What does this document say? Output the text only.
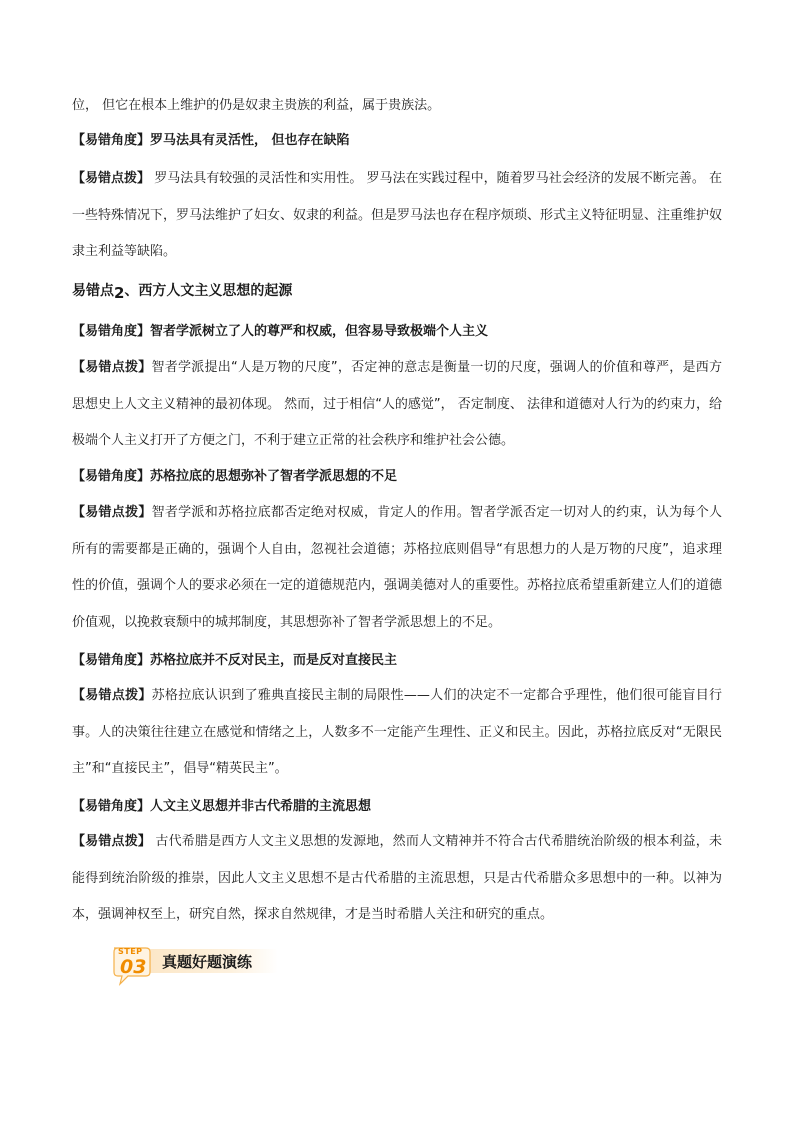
位， 但它在根本上维护的仍是奴隶主贵族的利益，属于贵族法。

【易错角度】罗马法具有灵活性， 但也存在缺陷

【易错点拨】 罗马法具有较强的灵活性和实用性。 罗马法在实践过程中，随着罗马社会经济的发展不断完善。 在一些特殊情况下，罗马法维护了妇女、奴隶的利益。但是罗马法也存在程序烦琐、形式主义特征明显、注重维护奴隶主利益等缺陷。

易错点2、西方人文主义思想的起源

【易错角度】智者学派树立了人的尊严和权威，但容易导致极端个人主义

【易错点拨】智者学派提出“人是万物的尺度”，否定神的意志是衡量一切的尺度，强调人的价值和尊严，是西方思想史上人文主义精神的最初体现。 然而，过于相信“人的感觉”， 否定制度、 法律和道德对人行为的约束力，给极端个人主义打开了方便之门，不利于建立正常的社会秩序和维护社会公德。

【易错角度】苏格拉底的思想弥补了智者学派思想的不足

【易错点拨】智者学派和苏格拉底都否定绝对权威，肯定人的作用。智者学派否定一切对人的约束，认为每个人所有的需要都是正确的，强调个人自由，忽视社会道德；苏格拉底则倡导“有思想力的人是万物的尺度”，追求理性的价值，强调个人的要求必须在一定的道德规范内，强调美德对人的重要性。苏格拉底希望重新建立人们的道德价值观，以挽救衰颓中的城邦制度，其思想弥补了智者学派思想上的不足。

【易错角度】苏格拉底并不反对民主，而是反对直接民主

【易错点拨】苏格拉底认识到了雅典直接民主制的局限性——人们的决定不一定都合乎理性，他们很可能盲目行事。人的决策往往建立在感觉和情绪之上，人数多不一定能产生理性、正义和民主。因此，苏格拉底反对“无限民主”和“直接民主”，倡导“精英民主”。

【易错角度】人文主义思想并非古代希腊的主流思想

【易错点拨】 古代希腊是西方人文主义思想的发源地，然而人文精神并不符合古代希腊统治阶级的根本利益，未能得到统治阶级的推崇，因此人文主义思想不是古代希腊的主流思想，只是古代希腊众多思想中的一种。以神为本，强调神权至上，研究自然，探求自然规律，才是当时希腊人关注和研究的重点。

STEP
03 真题好题演练
